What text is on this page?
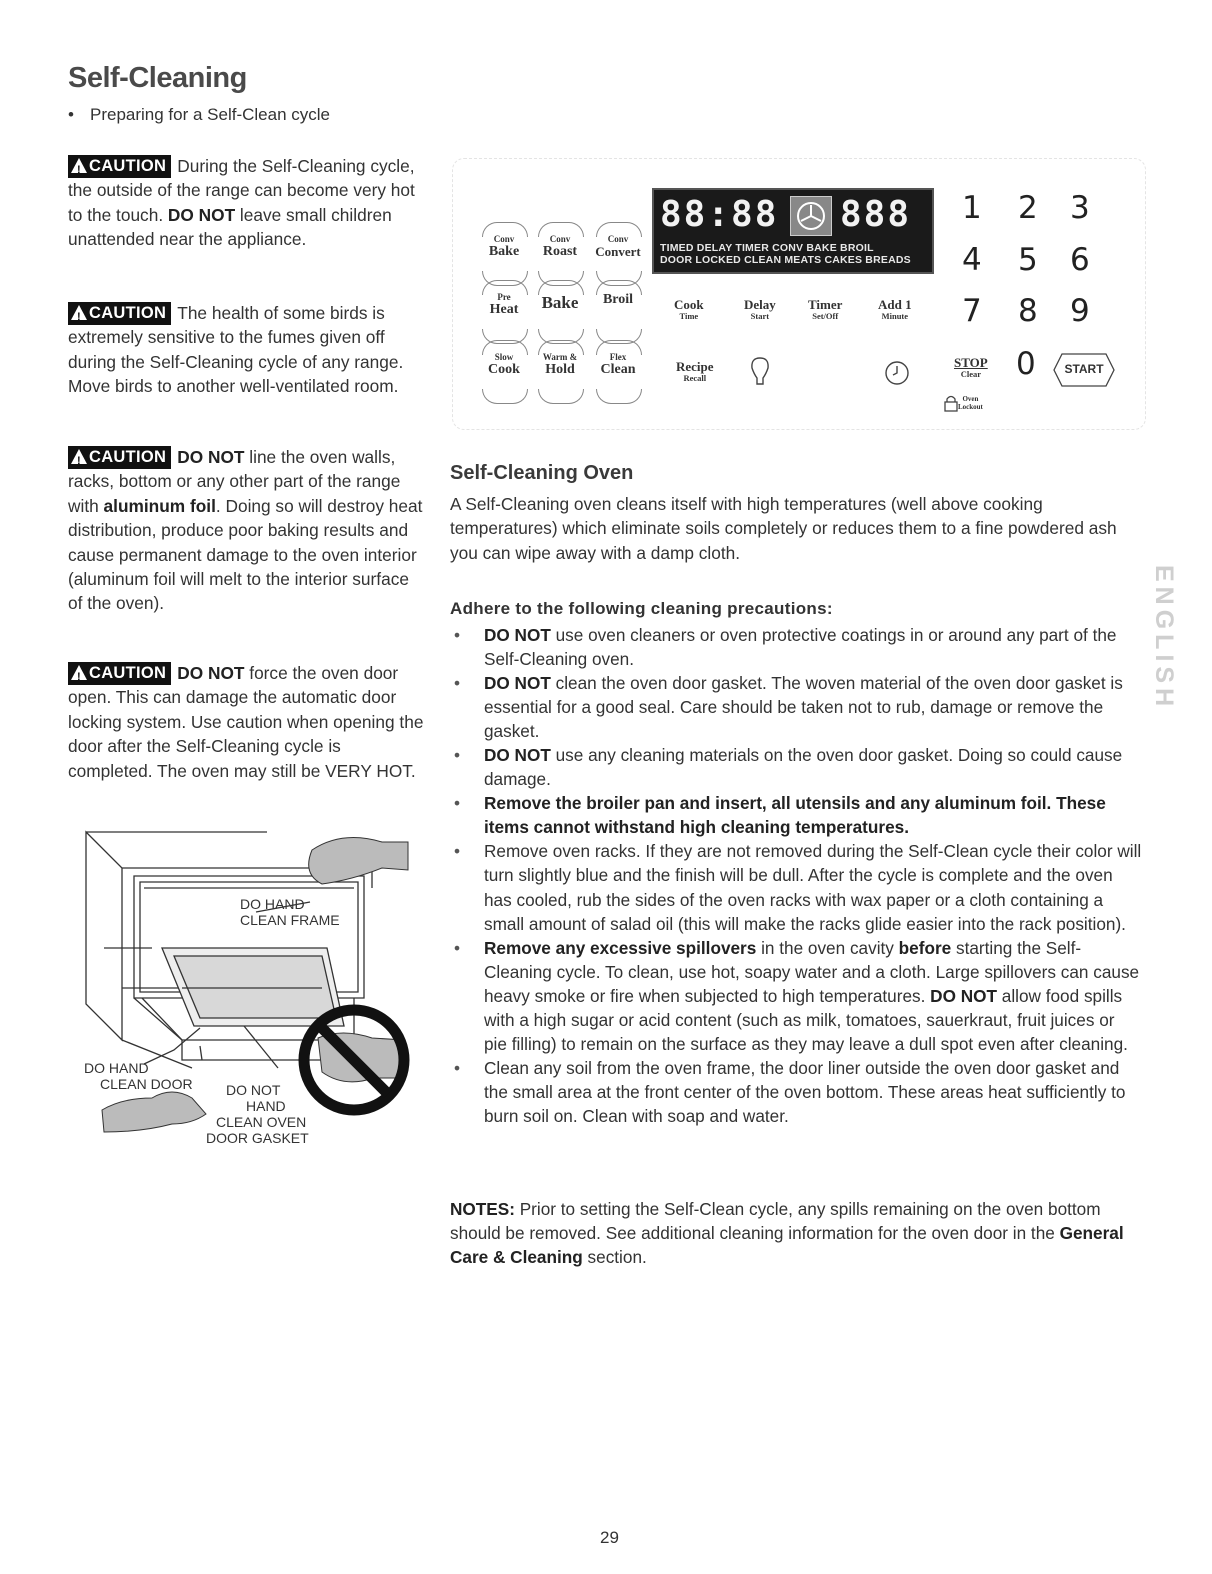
Self-Cleaning
• Preparing for a Self-Clean cycle

! CAUTION During the Self-Cleaning cycle, the outside of the range can become very hot to the touch. DO NOT leave small children unattended near the appliance.

! CAUTION The health of some birds is extremely sensitive to the fumes given off during the Self-Cleaning cycle of any range. Move birds to another well-ventilated room.

! CAUTION DO NOT line the oven walls, racks, bottom or any other part of the range with aluminum foil. Doing so will destroy heat distribution, produce poor baking results and cause permanent damage to the oven interior (aluminum foil will melt to the interior surface of the oven).

! CAUTION DO NOT force the oven door open. This can damage the automatic door locking system. Use caution when opening the door after the Self-Cleaning cycle is completed. The oven may still be VERY HOT.

DO HAND
CLEAN FRAME
DO HAND
CLEAN DOOR DO NOT
HAND
CLEAN OVEN
DOOR GASKET
Conv
Bake
Conv
Roast
Conv
Convert
Pre
Heat	Bake	Broil
Slow
Cook
Warm &
Hold
Flex
Clean
88:88 888
TIMED DELAY TIMER CONV BAKE BROIL
DOOR LOCKED CLEAN MEATS CAKES BREADS
Cook
Time
Delay
Start
Timer
Set/Off
Add 1
Minute
Recipe
Recall
1 2 3
4 5 6
7 8 9
STOP
Clear 0	START
Oven
Lockout
Self-Cleaning Oven
A Self-Cleaning oven cleans itself with high temperatures (well above cooking temperatures) which eliminate soils completely or reduces them to a fine powdered ash you can wipe away with a damp cloth.
Adhere to the following cleaning precautions:
• DO NOT use oven cleaners or oven protective coatings in or around any part of the Self-Cleaning oven.
• DO NOT clean the oven door gasket. The woven material of the oven door gasket is essential for a good seal. Care should be taken not to rub, damage or remove the gasket.
• DO NOT use any cleaning materials on the oven door gasket. Doing so could cause damage.
• Remove the broiler pan and insert, all utensils and any aluminum foil. These items cannot withstand high cleaning temperatures.
• Remove oven racks. If they are not removed during the Self-Clean cycle their color will turn slightly blue and the finish will be dull. After the cycle is complete and the oven has cooled, rub the sides of the oven racks with wax paper or a cloth containing a small amount of salad oil (this will make the racks glide easier into the rack position).
• Remove any excessive spillovers in the oven cavity before starting the Self-Cleaning cycle. To clean, use hot, soapy water and a cloth. Large spillovers can cause heavy smoke or fire when subjected to high temperatures. DO NOT allow food spills with a high sugar or acid content (such as milk, tomatoes, sauerkraut, fruit juices or pie filling) to remain on the surface as they may leave a dull spot even after cleaning.
• Clean any soil from the oven frame, the door liner outside the oven door gasket and the small area at the front center of the oven bottom. These areas heat sufficiently to burn soil on. Clean with soap and water.

NOTES: Prior to setting the Self-Clean cycle, any spills remaining on the oven bottom should be removed. See additional cleaning information for the oven door in the General Care & Cleaning section.

ENGLISH
29
